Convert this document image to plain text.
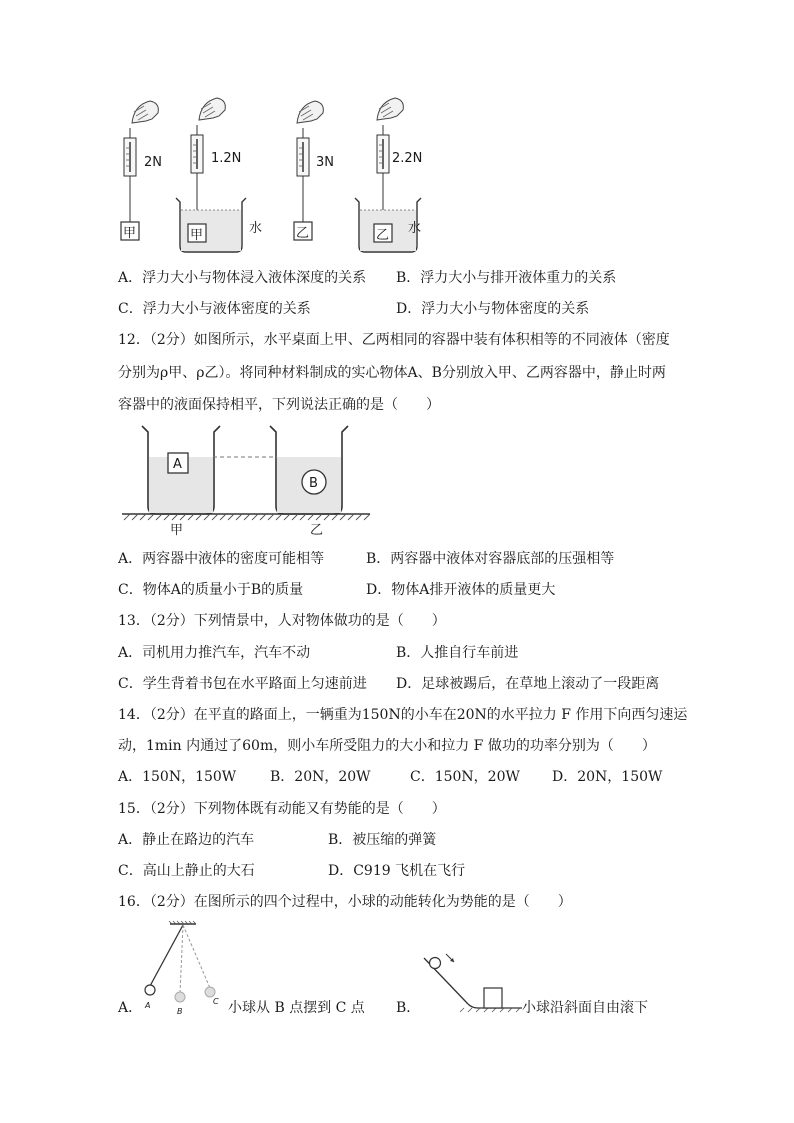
2N
甲
1.2N
甲	水
3N
乙
2.2N
乙 水
A．浮力大小与物体浸入液体深度的关系 B．浮力大小与排开液体重力的关系
C．浮力大小与液体密度的关系	D．浮力大小与物体密度的关系
12．（2分）如图所示，水平桌面上甲、乙两相同的容器中装有体积相等的不同液体（密度
分别为ρ甲、ρ乙）。将同种材料制成的实心物体A、B分别放入甲、乙两容器中，静止时两
容器中的液面保持相平，下列说法正确的是（　　）
A
B
甲	乙
A．两容器中液体的密度可能相等	B．两容器中液体对容器底部的压强相等
C．物体A的质量小于B的质量	D．物体A排开液体的质量更大
13．（2分）下列情景中，人对物体做功的是（　　）
A．司机用力推汽车，汽车不动	B．人推自行车前进
C．学生背着书包在水平路面上匀速前进 D．足球被踢后，在草地上滚动了一段距离
14．（2分）在平直的路面上，一辆重为150N的小车在20N的水平拉力 F 作用下向西匀速运
动，1min 内通过了60m，则小车所受阻力的大小和拉力 F 做功的功率分别为（　　）
A．150N，150W B．20N，20W	C．150N，20W D．20N，150W
15．（2分）下列物体既有动能又有势能的是（　　）
A．静止在路边的汽车	B．被压缩的弹簧
C．高山上静止的大石	D．C919 飞机在飞行
16．（2分）在图所示的四个过程中，小球的动能转化为势能的是（　　）
A． A
B
C 小球从 B 点摆到 C 点 B．	小球沿斜面自由滚下
